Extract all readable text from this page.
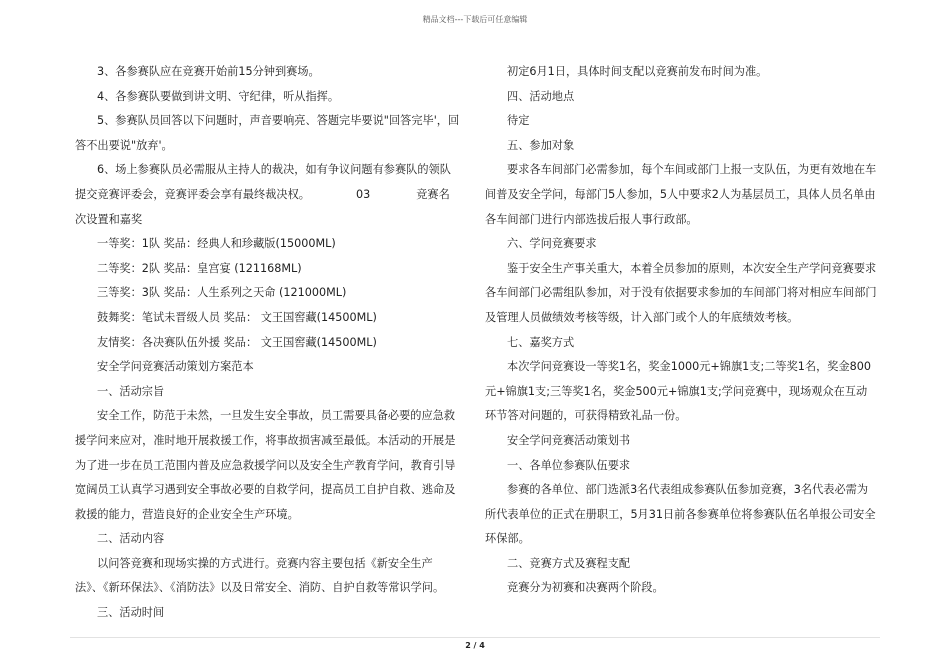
精品文档---下载后可任意编辑

3、各参赛队应在竞赛开始前15分钟到赛场。

4、各参赛队要做到讲文明、守纪律，听从指挥。

5、参赛队员回答以下问题时，声音要响亮、答题完毕要说"回答完毕'，回答不出要说"放弃'。

6、场上参赛队员必需服从主持人的裁决，如有争议问题有参赛队的领队提交竞赛评委会，竞赛评委会享有最终裁决权。	03	竞赛名次设置和嘉奖

一等奖：1队 奖品：经典人和珍藏版(15000ML)

二等奖：2队 奖品：皇宫宴 (121168ML)

三等奖：3队 奖品：人生系列之天命 (121000ML)

鼓舞奖：笔试未晋级人员 奖品： 文王国窖藏(14500ML)

友情奖：各决赛队伍外援 奖品： 文王国窖藏(14500ML)

安全学问竞赛活动策划方案范本

一、活动宗旨

安全工作，防范于未然，一旦发生安全事故，员工需要具备必要的应急救援学问来应对，准时地开展救援工作，将事故损害减至最低。本活动的开展是为了进一步在员工范围内普及应急救援学问以及安全生产教育学问，教育引导宽阔员工认真学习遇到安全事故必要的自救学问，提高员工自护自救、逃命及救援的能力，营造良好的企业安全生产环境。

二、活动内容

以问答竞赛和现场实操的方式进行。竞赛内容主要包括《新安全生产法》、《新环保法》、《消防法》以及日常安全、消防、自护自救等常识学问。

三、活动时间

初定6月1日，具体时间支配以竞赛前发布时间为准。

四、活动地点

待定

五、参加对象

要求各车间部门必需参加，每个车间或部门上报一支队伍，为更有效地在车间普及安全学问，每部门5人参加，5人中要求2人为基层员工，具体人员名单由各车间部门进行内部选拔后报人事行政部。

六、学问竞赛要求

鉴于安全生产事关重大，本着全员参加的原则，本次安全生产学问竞赛要求各车间部门必需组队参加，对于没有依据要求参加的车间部门将对相应车间部门及管理人员做绩效考核等级，计入部门或个人的年底绩效考核。

七、嘉奖方式

本次学问竞赛设一等奖1名，奖金1000元+锦旗1支;二等奖1名，奖金800元+锦旗1支;三等奖1名，奖金500元+锦旗1支;学问竞赛中，现场观众在互动环节答对问题的，可获得精致礼品一份。

安全学问竞赛活动策划书

一、各单位参赛队伍要求

参赛的各单位、部门选派3名代表组成参赛队伍参加竞赛，3名代表必需为所代表单位的正式在册职工，5月31日前各参赛单位将参赛队伍名单报公司安全环保部。

二、竞赛方式及赛程支配

竞赛分为初赛和决赛两个阶段。

2 / 4
